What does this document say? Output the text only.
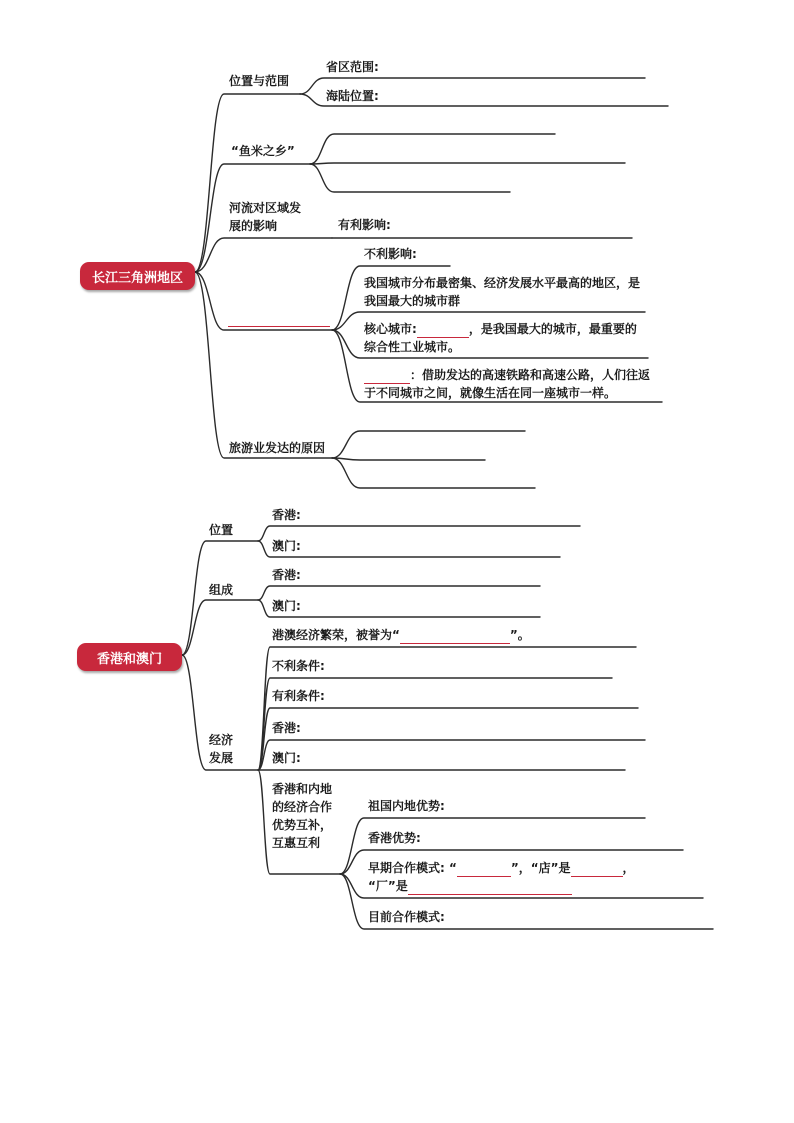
长江三角洲地区
位置与范围
省区范围:
海陆位置:
“鱼米之乡”
河流对区域发展的影响	有利影响:
不利影响:
我国城市分布最密集、经济发展水平最高的地区，是我国最大的城市群
核心城市:	，是我国最大的城市，最重要的综合性工业城市。
：借助发达的高速铁路和高速公路，人们往返于不同城市之间，就像生活在同一座城市一样。
旅游业发达的原因
香港和澳门
位置
香港:
澳门:
组成
香港:
澳门:
经济发展
港澳经济繁荣，被誉为“	”。
不利条件:
有利条件:
香港:
澳门:
香港和内地的经济合作优势互补，互惠互利
祖国内地优势:
香港优势:
早期合作模式: “	”，“店”是	，
“厂”是
目前合作模式:
